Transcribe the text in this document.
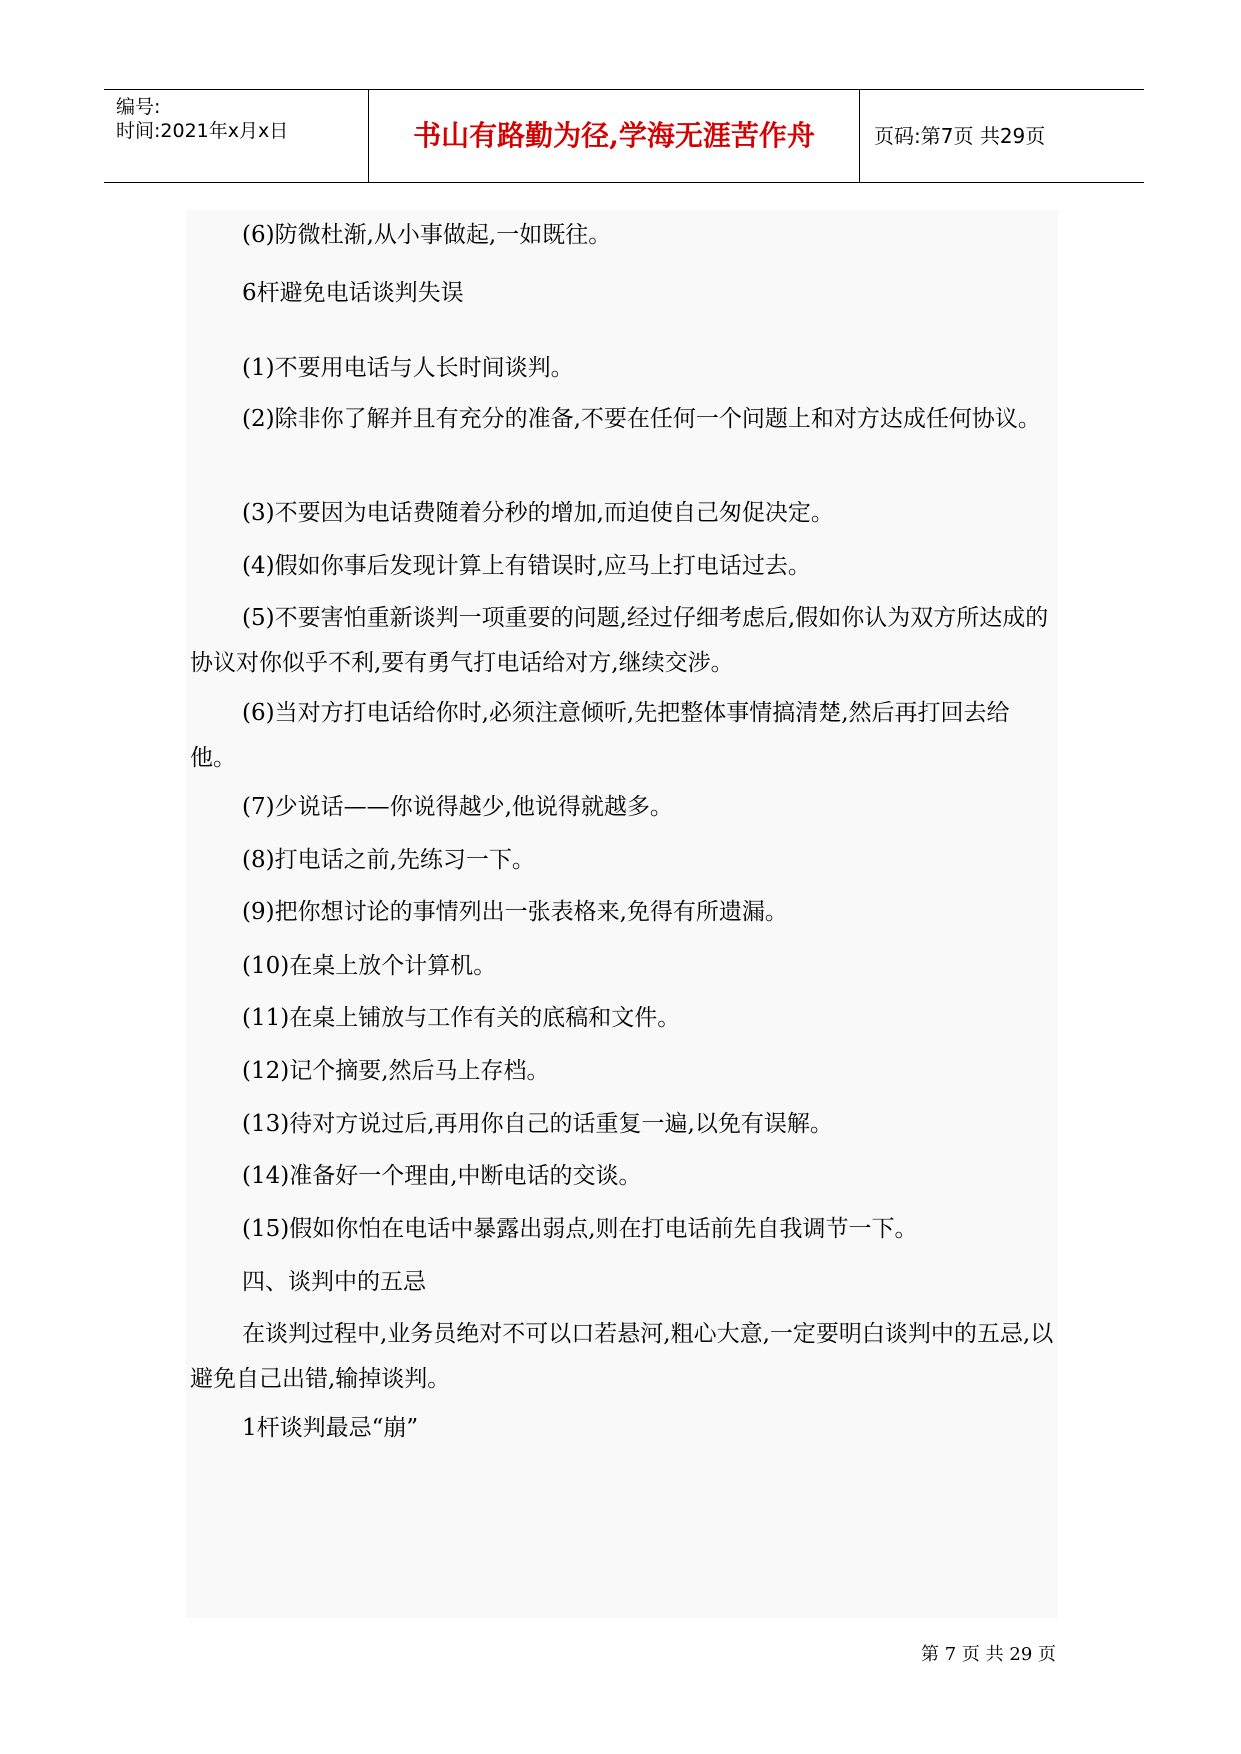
编号:
时间:2021年x月x日	书山有路勤为径,学海无涯苦作舟	页码:第7页 共29页

(6)防微杜渐,从小事做起,一如既往。

6杆避免电话谈判失误

(1)不要用电话与人长时间谈判。

(2)除非你了解并且有充分的准备,不要在任何一个问题上和对方达成任何协议。

(3)不要因为电话费随着分秒的增加,而迫使自己匆促决定。

(4)假如你事后发现计算上有错误时,应马上打电话过去。

(5)不要害怕重新谈判一项重要的问题,经过仔细考虑后,假如你认为双方所达成的协议对你似乎不利,要有勇气打电话给对方,继续交涉。

(6)当对方打电话给你时,必须注意倾听,先把整体事情搞清楚,然后再打回去给他。

(7)少说话——你说得越少,他说得就越多。

(8)打电话之前,先练习一下。

(9)把你想讨论的事情列出一张表格来,免得有所遗漏。

(10)在桌上放个计算机。

(11)在桌上铺放与工作有关的底稿和文件。

(12)记个摘要,然后马上存档。

(13)待对方说过后,再用你自己的话重复一遍,以免有误解。

(14)准备好一个理由,中断电话的交谈。

(15)假如你怕在电话中暴露出弱点,则在打电话前先自我调节一下。

四、谈判中的五忌

在谈判过程中,业务员绝对不可以口若悬河,粗心大意,一定要明白谈判中的五忌,以避免自己出错,输掉谈判。

1杆谈判最忌“崩”

第 7 页 共 29 页
